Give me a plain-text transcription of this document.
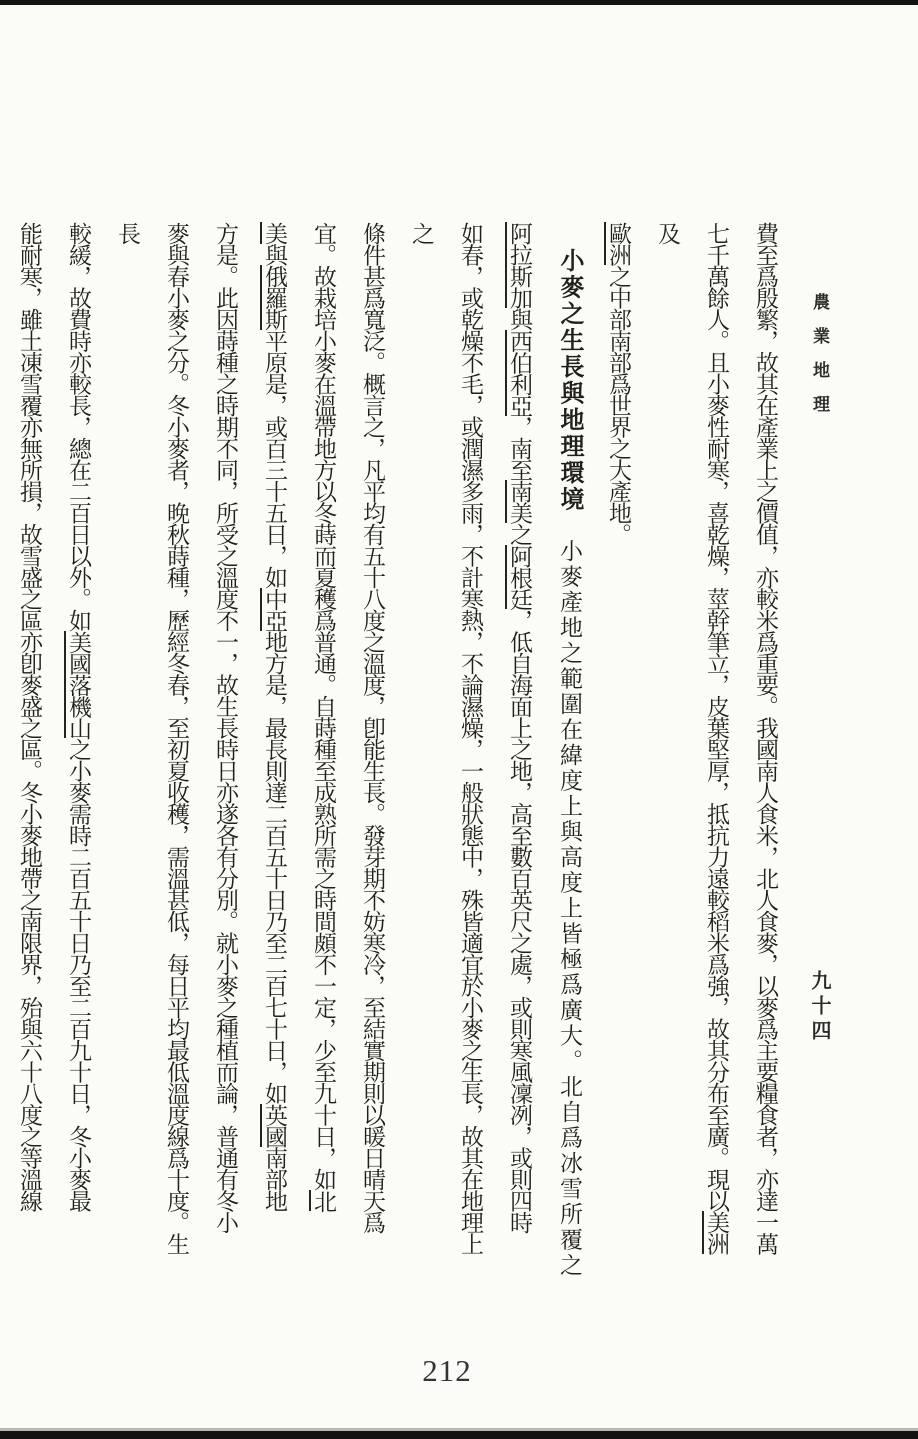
農業地理
九十四
費至爲殷繁，故其在產業上之價值，亦較米爲重要。我國南人食米，北人食麥，以麥爲主要糧食者，亦達一萬
七千萬餘人。且小麥性耐寒，喜乾燥，莖幹筆立，皮葉堅厚，抵抗力遠較稻米爲強，故其分布至廣。現以美洲及
歐洲之中部南部爲世界之大產地。
小麥之生長與地理環境小麥產地之範圍在緯度上與高度上皆極爲廣大。北自爲冰雪所覆之
阿拉斯加與西伯利亞，南至南美之阿根廷，低自海面上之地，高至數百英尺之處，或則寒風凜冽，或則四時
如春，或乾燥不毛，或潤濕多雨，不計寒熱，不論濕燥，一般狀態中，殊皆適宜於小麥之生長，故其在地理上之
條件甚爲寬泛。概言之，凡平均有五十八度之溫度，卽能生長。發芽期不妨寒冷，至結實期則以暖日晴天爲
宜。故栽培小麥在溫帶地方以冬蒔而夏穫爲普通。自蒔種至成熟所需之時間頗不一定，少至九十日，如北
美與俄羅斯平原是，或百三十五日，如中亞地方是，最長則達二百五十日乃至二百七十日，如英國南部地
方是。此因蒔種之時期不同，所受之溫度不一，故生長時日亦遂各有分別。就小麥之種植而論，普通有冬小
麥與春小麥之分。冬小麥者，晚秋蒔種，歷經冬春，至初夏收穫，需溫甚低，每日平均最低溫度線爲十度。生長
較緩，故費時亦較長，總在二百日以外。如美國落機山之小麥需時二百五十日乃至二百九十日，冬小麥最
能耐寒，雖土凍雪覆亦無所損，故雪盛之區亦卽麥盛之區。冬小麥地帶之南限界，殆與六十八度之等溫線
212
